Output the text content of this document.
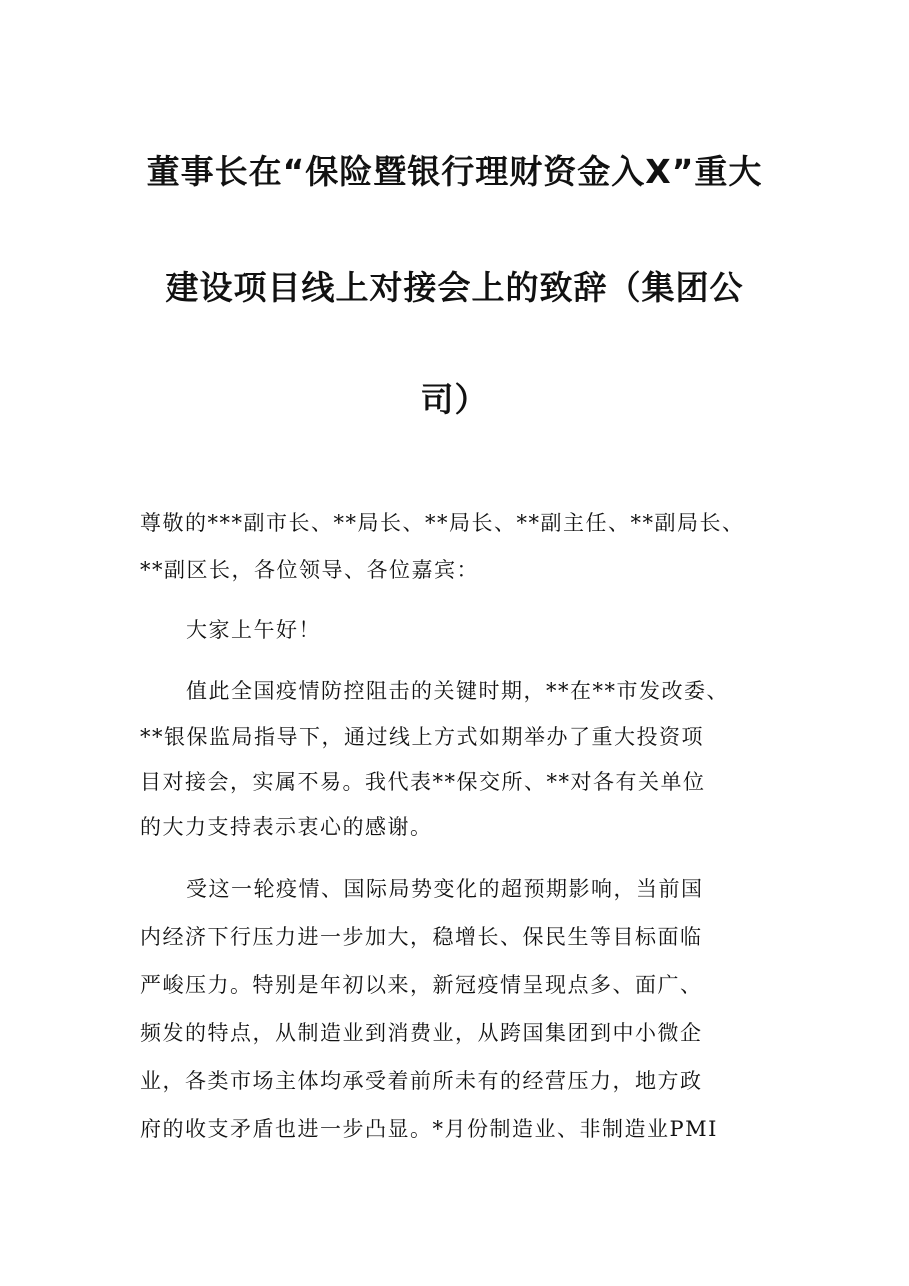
董事长在“保险暨银行理财资金入X”重大
建设项目线上对接会上的致辞（集团公
司）
尊敬的***副市长、**局长、**局长、**副主任、**副局长、
**副区长，各位领导、各位嘉宾：
大家上午好！
值此全国疫情防控阻击的关键时期，**在**市发改委、
**银保监局指导下，通过线上方式如期举办了重大投资项
目对接会，实属不易。我代表**保交所、**对各有关单位
的大力支持表示衷心的感谢。
受这一轮疫情、国际局势变化的超预期影响，当前国
内经济下行压力进一步加大，稳增长、保民生等目标面临
严峻压力。特别是年初以来，新冠疫情呈现点多、面广、
频发的特点，从制造业到消费业，从跨国集团到中小微企
业，各类市场主体均承受着前所未有的经营压力，地方政
府的收支矛盾也进一步凸显。*月份制造业、非制造业PMI
